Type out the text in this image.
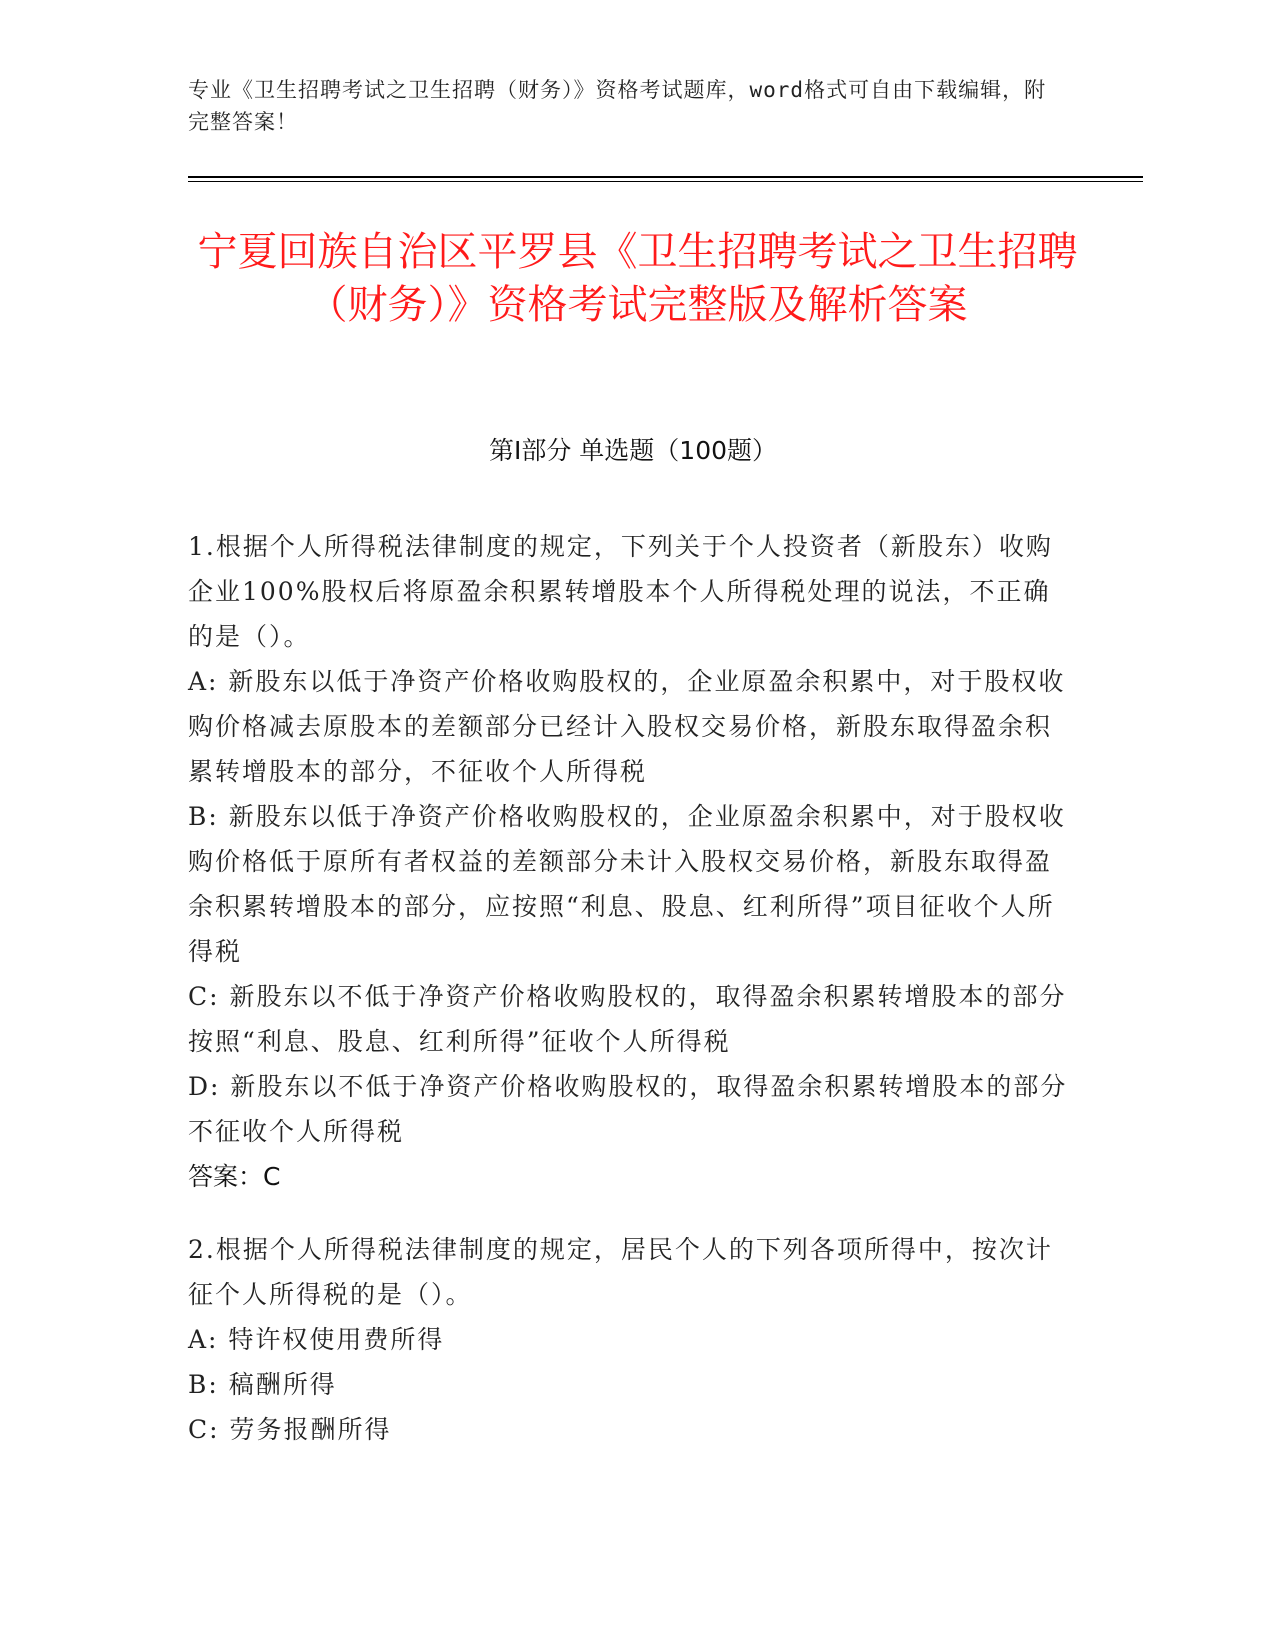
专业《卫生招聘考试之卫生招聘（财务）》资格考试题库，word格式可自由下载编辑，附完整答案！
宁夏回族自治区平罗县《卫生招聘考试之卫生招聘（财务）》资格考试完整版及解析答案
第Ⅰ部分 单选题（100题）

1.根据个人所得税法律制度的规定，下列关于个人投资者（新股东）收购企业100%股权后将原盈余积累转增股本个人所得税处理的说法，不正确的是（）。

A: 新股东以低于净资产价格收购股权的，企业原盈余积累中，对于股权收购价格减去原股本的差额部分已经计入股权交易价格，新股东取得盈余积累转增股本的部分，不征收个人所得税

B: 新股东以低于净资产价格收购股权的，企业原盈余积累中，对于股权收购价格低于原所有者权益的差额部分未计入股权交易价格，新股东取得盈余积累转增股本的部分，应按照“利息、股息、红利所得”项目征收个人所得税

C: 新股东以不低于净资产价格收购股权的，取得盈余积累转增股本的部分按照“利息、股息、红利所得”征收个人所得税

D: 新股东以不低于净资产价格收购股权的，取得盈余积累转增股本的部分不征收个人所得税

答案：C

2.根据个人所得税法律制度的规定，居民个人的下列各项所得中，按次计征个人所得税的是（）。

A: 特许权使用费所得

B: 稿酬所得

C: 劳务报酬所得
